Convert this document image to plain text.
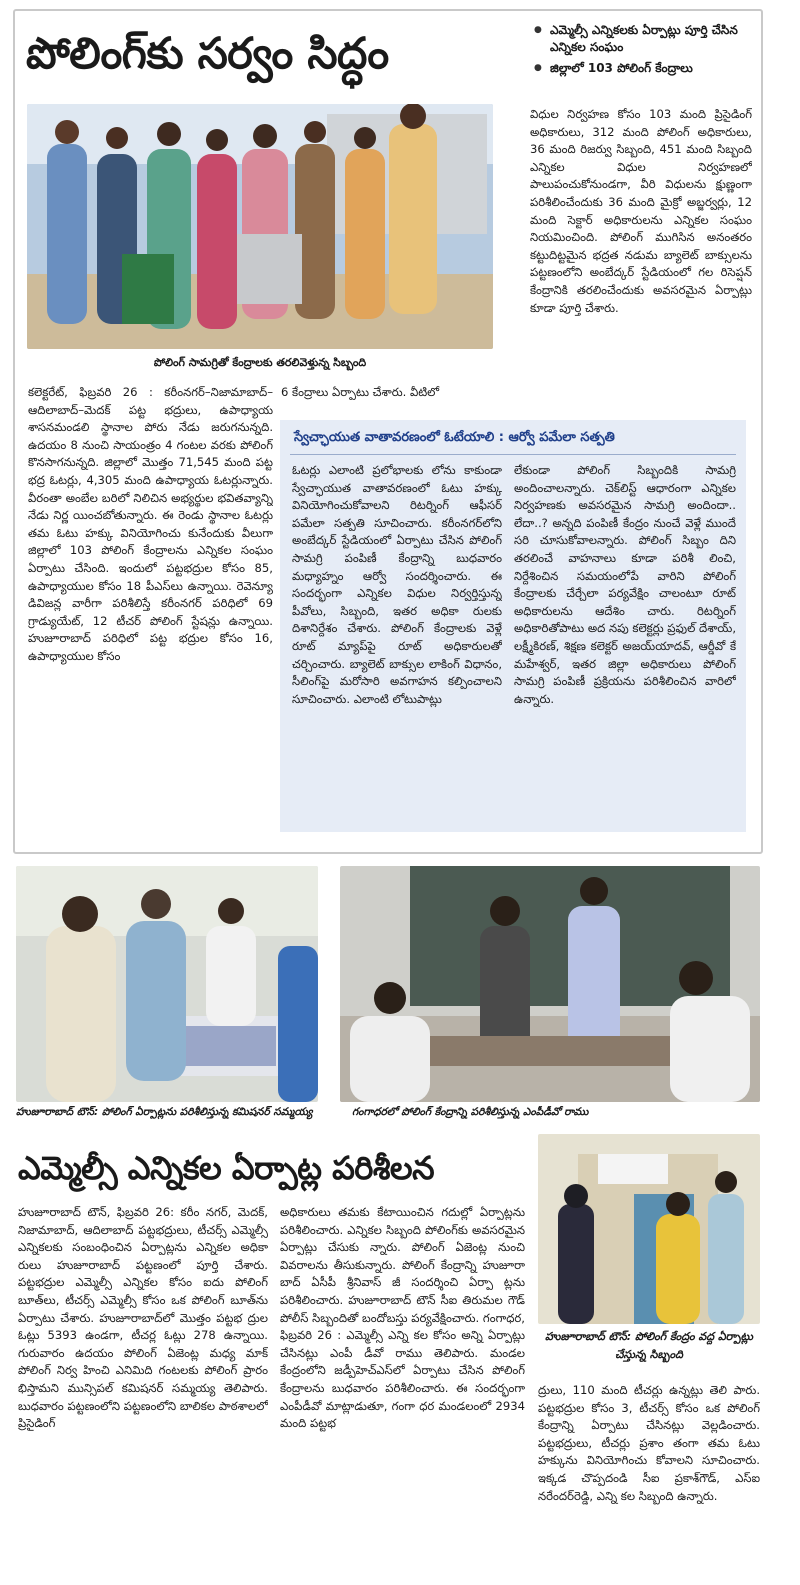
పోలింగ్‌కు సర్వం సిద్ధం
●	ఎమ్మెల్సీ ఎన్నికలకు ఏర్పాట్లు పూర్తి చేసిన ఎన్నికల సంఘం
● జిల్లాలో 103 పోలింగ్ కేంద్రాలు
పోలింగ్ సామగ్రితో కేంద్రాలకు తరలివెళ్తున్న సిబ్బంది

విధుల నిర్వహణ కోసం 103 మంది ప్రిసైడింగ్ అధికారులు, 312 మంది పోలింగ్ అధికారులు, 36 మంది రిజర్వు సిబ్బంది, 451 మంది సిబ్బంది ఎన్నికల విధుల నిర్వహణలో పాలుపంచుకోనుండగా, వీరి విధులను క్షుణ్ణంగా పరిశీలించేందుకు 36 మంది మైక్రో అబ్జర్వర్లు, 12 మంది సెక్టార్ అధికారులను ఎన్నికల సంఘం నియమించింది. పోలింగ్ ముగిసిన అనంతరం కట్టుదిట్టమైన భద్రత నడుమ బ్యాలెట్ బాక్సులను పట్టణంలోని అంబేద్కర్ స్టేడియంలో గల రిసెప్షన్ కేంద్రానికి తరలించేందుకు అవసరమైన ఏర్పాట్లు కూడా పూర్తి చేశారు.

కలెక్టరేట్, ఫిబ్రవరి 26 : కరీంనగర్–నిజామాబాద్–ఆదిలాబాద్–మెదక్ పట్ట భద్రులు, ఉపాధ్యాయ శాసనమండలి స్థానాల పోరు నేడు జరుగనున్నది. ఉదయం 8 నుంచి సాయంత్రం 4 గంటల వరకు పోలింగ్ కొనసాగనున్నది. జిల్లాలో మొత్తం 71,545 మంది పట్ట భద్ర ఓటర్లు, 4,305 మంది ఉపాధ్యాయ ఓటర్లున్నారు. వీరంతా అంబేల బరిలో నిలిచిన అభ్యర్థుల భవితవ్యాన్ని నేడు నిర్ణ యించబోతున్నారు. ఈ రెండు స్థానాల ఓటర్లు తమ ఓటు హక్కు వినియోగించు కునేందుకు వీలుగా జిల్లాలో 103 పోలింగ్ కేంద్రాలను ఎన్నికల సంఘం ఏర్పాటు చేసింది. ఇందులో పట్టభద్రుల కోసం 85, ఉపాధ్యాయుల కోసం 18 పీఎస్‌లు ఉన్నాయి. రెవెన్యూ డివిజన్ల వారీగా పరిశీలిస్తే కరీంనగర్ పరిధిలో 69 గ్రాడ్యుయేట్, 12 టీచర్ పోలింగ్ స్టేషన్లు ఉన్నాయి. హుజూరాబాద్ పరిధిలో పట్ట భద్రుల కోసం 16, ఉపాధ్యాయుల కోసం

6 కేంద్రాలు ఏర్పాటు చేశారు. వీటిలో

స్వేచ్ఛాయుత వాతావరణంలో ఓటేయాలి : ఆర్వో పమేలా సత్పతి

ఓటర్లు ఎలాంటి ప్రలోభాలకు లోను కాకుండా స్వేచ్ఛాయుత వాతావరణంలో ఓటు హక్కు వినియోగించుకోవాలని రిటర్నింగ్ ఆఫీసర్ పమేలా సత్పతి సూచించారు. కరీంనగర్‌లోని అంబేద్కర్ స్టేడియంలో ఏర్పాటు చేసిన పోలింగ్ సామగ్రి పంపిణీ కేంద్రాన్ని బుధవారం మధ్యాహ్నం ఆర్వో సందర్శించారు. ఈ సందర్భంగా ఎన్నికల విధుల నిర్వర్తిస్తున్న పీవోలు, సిబ్బంది, ఇతర అధికా రులకు దిశానిర్దేశం చేశారు. పోలింగ్ కేంద్రాలకు వెళ్లే రూట్ మ్యాప్‌పై రూట్ అధికారులతో చర్చించారు. బ్యాలెట్ బాక్సుల లాకింగ్ విధానం, సీలింగ్‌పై మరోసారి అవగాహన కల్పించాలని సూచించారు. ఎలాంటి లోటుపాట్లు

లేకుండా పోలింగ్ సిబ్బందికి సామగ్రి అందించాలన్నారు. చెక్‌లిస్ట్ ఆధారంగా ఎన్నికల నిర్వహణకు అవసరమైన సామగ్రి అందిందా.. లేదా..? అన్నది పంపిణీ కేంద్రం నుంచే వెళ్లే ముందే సరి చూసుకోవాలన్నారు. పోలింగ్ సిబ్బం దిని తరలించే వాహనాలు కూడా పరిశీ లించి, నిర్దేశించిన సమయంలోపే వారిని పోలింగ్ కేంద్రాలకు చేర్చేలా పర్యవేక్షిం చాలంటూ రూట్ అధికారులను ఆదేశిం చారు. రిటర్నింగ్ అధికారితోపాటు అద నపు కలెక్టర్లు ప్రఫుల్ దేశాయ్, లక్ష్మీకిరణ్, శిక్షణ కలెక్టర్ అజయ్‌యాదవ్, ఆర్డీవో కే మహేశ్వర్, ఇతర జిల్లా అధికారులు పోలింగ్ సామగ్రి పంపిణీ ప్రక్రియను పరిశీలించిన వారిలో ఉన్నారు.

హుజూరాబాద్ టౌన్: పోలింగ్ ఏర్పాట్లను పరిశీలిస్తున్న కమిషనర్ సమ్మయ్య	గంగాధరలో పోలింగ్ కేంద్రాన్ని పరిశీలిస్తున్న ఎంపీడీవో రాము
ఎమ్మెల్సీ ఎన్నికల ఏర్పాట్ల పరిశీలన

హుజూరాబాద్ టౌన్, ఫిబ్రవరి 26: కరీం నగర్, మెదక్, నిజామాబాద్, ఆదిలాబాద్ పట్టభద్రులు, టీచర్స్ ఎమ్మెల్సీ ఎన్నికలకు సంబంధించిన ఏర్పాట్లను ఎన్నికల అధికా రులు హుజూరాబాద్ పట్టణంలో పూర్తి చేశారు. పట్టభద్రుల ఎమ్మెల్సీ ఎన్నికల కోసం ఐదు పోలింగ్ బూత్‌లు, టీచర్స్ ఎమ్మెల్సీ కోసం ఒక పోలింగ్ బూత్‌ను ఏర్పాటు చేశారు. హుజూరాబాద్‌లో మొత్తం పట్టభ ద్రుల ఓట్లు 5393 ఉండగా, టీచర్ల ఓట్లు 278 ఉన్నాయి. గురువారం ఉదయం పోలింగ్ ఏజెంట్ల మధ్య మాక్ పోలింగ్ నిర్వ హించి ఎనిమిది గంటలకు పోలింగ్ ప్రారం భిస్తామని మున్సిపల్ కమిషనర్ సమ్మయ్య తెలిపారు. బుధవారం పట్టణంలోని పట్టణంలోని బాలికల పాఠశాలలో ప్రిసైడింగ్

అధికారులు తమకు కేటాయించిన గదుల్లో ఏర్పాట్లను పరిశీలించారు. ఎన్నికల సిబ్బంది పోలింగ్‌కు అవసరమైన ఏర్పాట్లు చేసుకు న్నారు. పోలింగ్ ఏజెంట్ల నుంచి వివరాలను తీసుకున్నారు. పోలింగ్ కేంద్రాన్ని హుజూరా బాద్ ఏసీపీ శ్రీనివాస్ జీ సందర్శించి ఏర్పా ట్లను పరిశీలించారు. హుజూరాబాద్ టౌన్ సీఐ తిరుమల గౌడ్ పోలీస్ సిబ్బందితో బందోబస్తు పర్యవేక్షించారు. గంగాధర, ఫిబ్రవరి 26 : ఎమ్మెల్సీ ఎన్ని కల కోసం అన్ని ఏర్పాట్లు చేసినట్లు ఎంపీ డీవో రాము తెలిపారు. మండల కేంద్రంలోని జడ్పీహెచ్‌ఎస్‌లో ఏర్పాటు చేసిన పోలింగ్ కేంద్రాలను బుధవారం పరిశీలించారు. ఈ సందర్భంగా ఎంపీడీవో మాట్లాడుతూ, గంగా ధర మండలంలో 2934 మంది పట్టభ

హుజూరాబాద్ టౌన్: పోలింగ్ కేంద్రం వద్ద ఏర్పాట్లు చేస్తున్న సిబ్బంది

ద్రులు, 110 మంది టీచర్లు ఉన్నట్లు తెలి పారు. పట్టభద్రుల కోసం 3, టీచర్స్ కోసం ఒక పోలింగ్ కేంద్రాన్ని ఏర్పాటు చేసినట్లు వెల్లడించారు. పట్టభద్రులు, టీచర్లు ప్రశాం తంగా తమ ఓటు హక్కును వినియోగించు కోవాలని సూచించారు. ఇక్కడ చొప్పదండి సీఐ ప్రకాశ్‌గౌడ్, ఎస్ఐ నరేందర్‌రెడ్డి, ఎన్ని కల సిబ్బంది ఉన్నారు.
